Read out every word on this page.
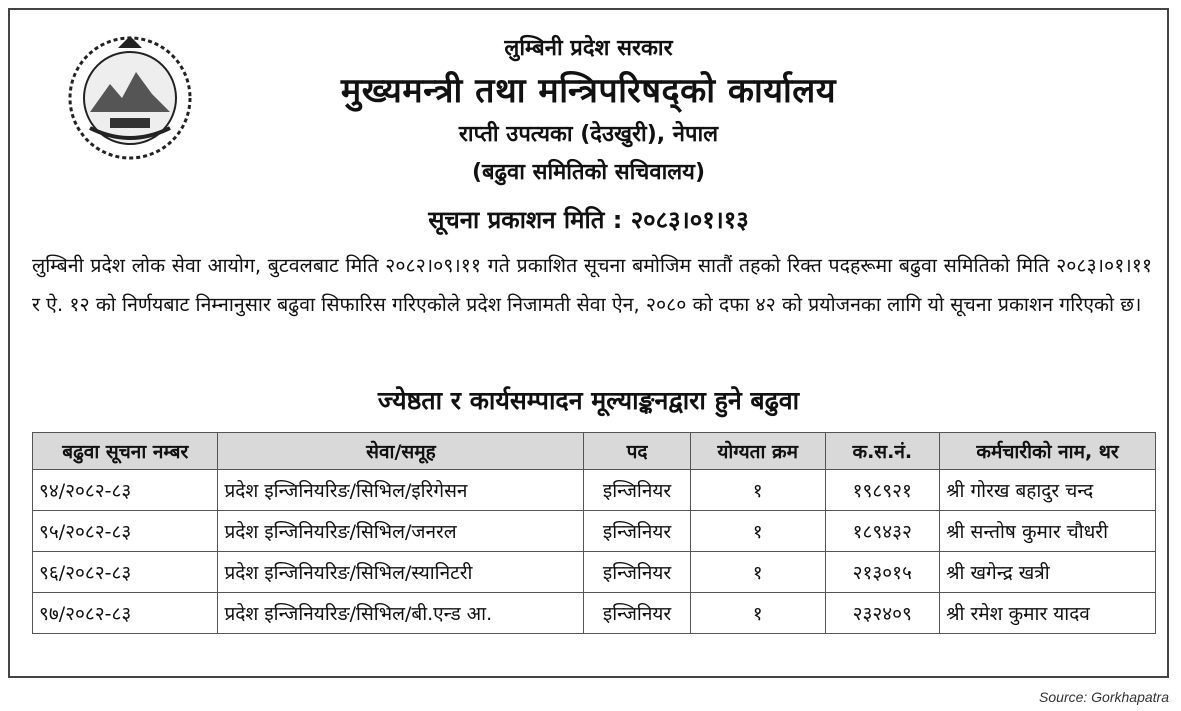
लुम्बिनी प्रदेश सरकार
मुख्यमन्त्री तथा मन्त्रिपरिषद्को कार्यालय
राप्ती उपत्यका (देउखुरी), नेपाल
(बढुवा समितिको सचिवालय)
सूचना प्रकाशन मिति : २०८३।०१।१३
लुम्बिनी प्रदेश लोक सेवा आयोग, बुटवलबाट मिति २०८२।०९।११ गते प्रकाशित सूचना बमोजिम सातौं तहको रिक्त पदहरूमा बढुवा समितिको मिति २०८३।०१।११ र ऐ. १२ को निर्णयबाट निम्नानुसार बढुवा सिफारिस गरिएकोले प्रदेश निजामती सेवा ऐन, २०८० को दफा ४२ को प्रयोजनका लागि यो सूचना प्रकाशन गरिएको छ।
ज्येष्ठता र कार्यसम्पादन मूल्याङ्कनद्वारा हुने बढुवा
बढुवा सूचना नम्बर	सेवा/समूह	पद	योग्यता क्रम	क.स.नं.	कर्मचारीको नाम, थर
९४/२०८२-८३	प्रदेश इन्जिनियरिङ/सिभिल/इरिगेसन	इन्जिनियर	१	१९८९२१	श्री गोरख बहादुर चन्द
९५/२०८२-८३	प्रदेश इन्जिनियरिङ/सिभिल/जनरल	इन्जिनियर	१	१८९४३२	श्री सन्तोष कुमार चौधरी
९६/२०८२-८३	प्रदेश इन्जिनियरिङ/सिभिल/स्यानिटरी	इन्जिनियर	१	२१३०१५	श्री खगेन्द्र खत्री
९७/२०८२-८३	प्रदेश इन्जिनियरिङ/सिभिल/बी.एन्ड आ.	इन्जिनियर	१	२३२४०९	श्री रमेश कुमार यादव
Source: Gorkhapatra
